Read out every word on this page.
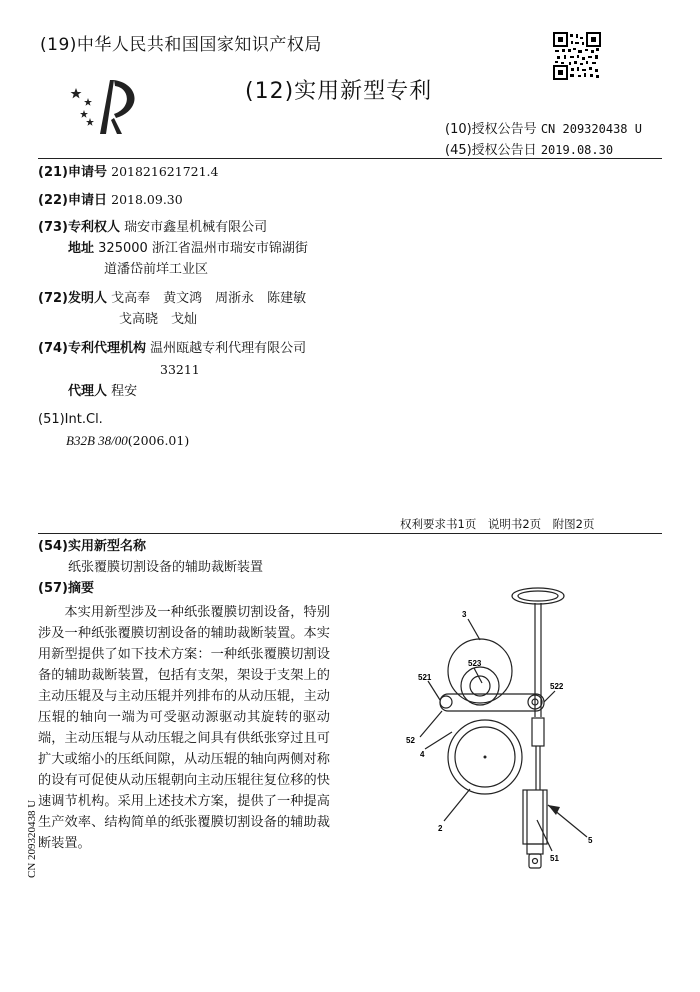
(19)中华人民共和国国家知识产权局
(12)实用新型专利
(10)授权公告号 CN 209320438 U
(45)授权公告日 2019.08.30
(21)申请号 201821621721.4
(22)申请日 2018.09.30
(73)专利权人 瑞安市鑫星机械有限公司
地址 325000 浙江省温州市瑞安市锦湖街
道潘岱前垟工业区
(72)发明人 戈高奉　黄文鸿　周浙永　陈建敏
戈高晓　戈灿
(74)专利代理机构 温州瓯越专利代理有限公司
33211
代理人 程安
(51)Int.Cl.
B32B 38/00(2006.01)
权利要求书1页　说明书2页　附图2页
(54)实用新型名称
纸张覆膜切割设备的辅助裁断装置
(57)摘要

本实用新型涉及一种纸张覆膜切割设备，特别涉及一种纸张覆膜切割设备的辅助裁断装置。本实用新型提供了如下技术方案：一种纸张覆膜切割设备的辅助裁断装置，包括有支架，架设于支架上的主动压辊及与主动压辊并列排布的从动压辊，主动压辊的轴向一端为可受驱动源驱动其旋转的驱动端，主动压辊与从动压辊之间具有供纸张穿过且可扩大或缩小的压纸间隙，从动压辊的轴向两侧对称的设有可促使从动压辊朝向主动压辊往复位移的快速调节机构。采用上述技术方案，提供了一种提高生产效率、结构简单的纸张覆膜切割设备的辅助裁断装置。

3
523
521
522
52
4
2
5
51
CN 209320438 U
